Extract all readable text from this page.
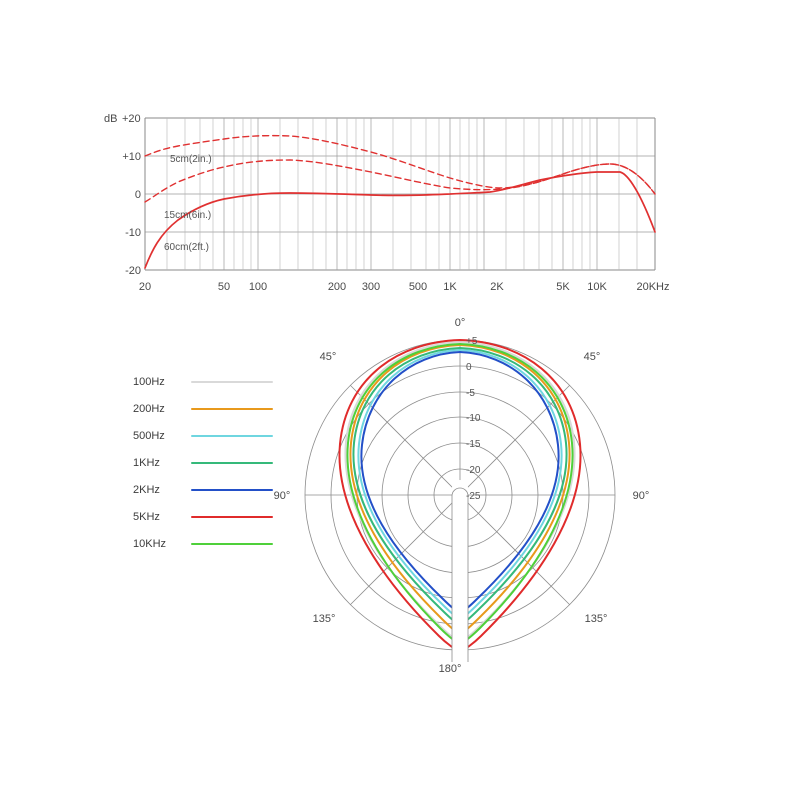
dB +20
+10
0
-10
-20
20	50 100	200 300	500 1K	2K	5K 10K	20KHz
5cm(2in.)
15cm(6in.)
60cm(2ft.)
+5
0
-5
-10
-15
-20
-25
0°
45°	45°
90°	90°
135°	135°
180°
100Hz
200Hz
500Hz
1KHz
2KHz
5KHz
10KHz
